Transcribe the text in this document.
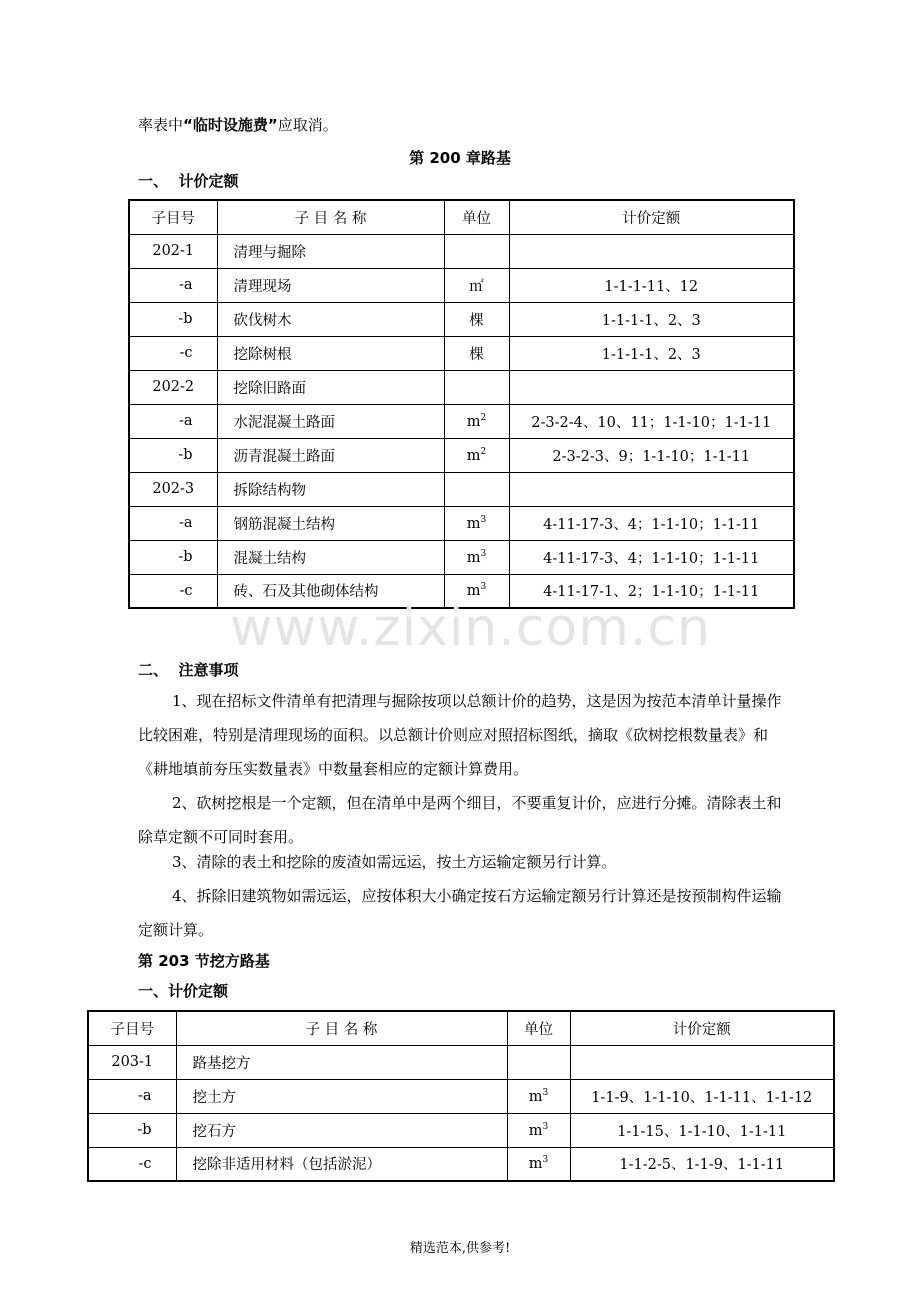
率表中“临时设施费”应取消。
第 200 章路基
一、  计价定额
子目号	子 目 名 称	单位	计价定额
202-1	清理与掘除		
-a	清理现场	㎡	1-1-1-11、12
-b	砍伐树木	棵	1-1-1-1、2、3
-c	挖除树根	棵	1-1-1-1、2、3
202-2	挖除旧路面		
-a	水泥混凝土路面	$m^2$	2-3-2-4、10、11；1-1-10；1-1-11
-b	沥青混凝土路面	$m^2$	2-3-2-3、9；1-1-10；1-1-11
202-3	拆除结构物		
-a	钢筋混凝土结构	$m^3$	4-11-17-3、4；1-1-10；1-1-11
-b	混凝土结构	$m^3$	4-11-17-3、4；1-1-10；1-1-11
-c	砖、石及其他砌体结构	$m^3$	4-11-17-1、2；1-1-10；1-1-11
www.zixin.com.cn
二、  注意事项
1、现在招标文件清单有把清理与掘除按项以总额计价的趋势，这是因为按范本清单计量操作比较困难，特别是清理现场的面积。以总额计价则应对照招标图纸，摘取《砍树挖根数量表》和《耕地填前夯压实数量表》中数量套相应的定额计算费用。
2、砍树挖根是一个定额，但在清单中是两个细目，不要重复计价，应进行分摊。清除表土和除草定额不可同时套用。
3、清除的表土和挖除的废渣如需远运，按土方运输定额另行计算。
4、拆除旧建筑物如需远运，应按体积大小确定按石方运输定额另行计算还是按预制构件运输定额计算。
第 203 节挖方路基
一、计价定额
子目号	子 目 名 称	单位	计价定额
203-1	路基挖方		
-a	挖土方	$m^3$	1-1-9、1-1-10、1-1-11、1-1-12
-b	挖石方	$m^3$	1-1-15、1-1-10、1-1-11
-c	挖除非适用材料（包括淤泥）	$m^3$	1-1-2-5、1-1-9、1-1-11
精选范本,供参考!
